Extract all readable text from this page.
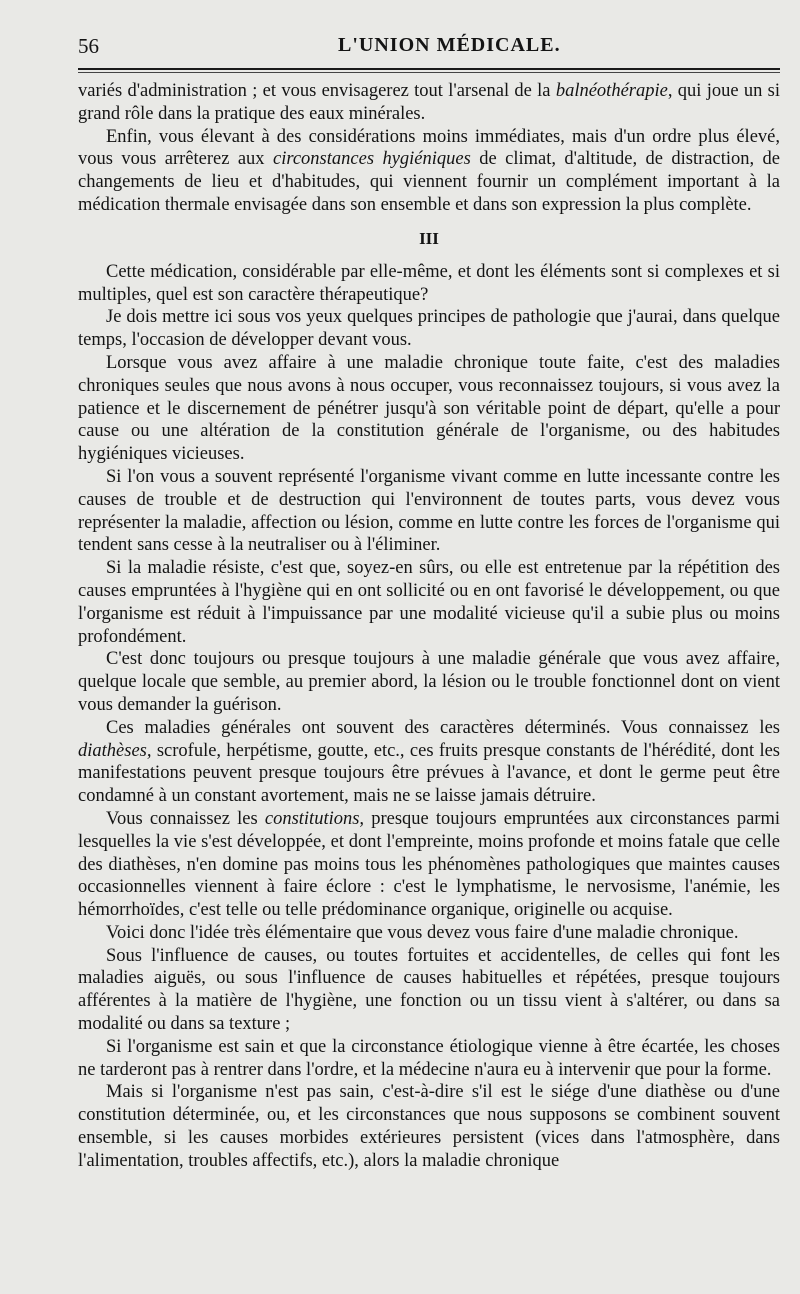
56	L'UNION MÉDICALE.

variés d'administration ; et vous envisagerez tout l'arsenal de la balnéothérapie, qui joue un si grand rôle dans la pratique des eaux minérales.

Enfin, vous élevant à des considérations moins immédiates, mais d'un ordre plus élevé, vous vous arrêterez aux circonstances hygiéniques de climat, d'altitude, de distraction, de changements de lieu et d'habitudes, qui viennent fournir un complément important à la médication thermale envisagée dans son ensemble et dans son expression la plus complète.

III

Cette médication, considérable par elle-même, et dont les éléments sont si complexes et si multiples, quel est son caractère thérapeutique?

Je dois mettre ici sous vos yeux quelques principes de pathologie que j'aurai, dans quelque temps, l'occasion de développer devant vous.

Lorsque vous avez affaire à une maladie chronique toute faite, c'est des maladies chroniques seules que nous avons à nous occuper, vous reconnaissez toujours, si vous avez la patience et le discernement de pénétrer jusqu'à son véritable point de départ, qu'elle a pour cause ou une altération de la constitution générale de l'organisme, ou des habitudes hygiéniques vicieuses.

Si l'on vous a souvent représenté l'organisme vivant comme en lutte incessante contre les causes de trouble et de destruction qui l'environnent de toutes parts, vous devez vous représenter la maladie, affection ou lésion, comme en lutte contre les forces de l'organisme qui tendent sans cesse à la neutraliser ou à l'éliminer.

Si la maladie résiste, c'est que, soyez-en sûrs, ou elle est entretenue par la répétition des causes empruntées à l'hygiène qui en ont sollicité ou en ont favorisé le développement, ou que l'organisme est réduit à l'impuissance par une modalité vicieuse qu'il a subie plus ou moins profondément.

C'est donc toujours ou presque toujours à une maladie générale que vous avez affaire, quelque locale que semble, au premier abord, la lésion ou le trouble fonctionnel dont on vient vous demander la guérison.

Ces maladies générales ont souvent des caractères déterminés. Vous connaissez les diathèses, scrofule, herpétisme, goutte, etc., ces fruits presque constants de l'hérédité, dont les manifestations peuvent presque toujours être prévues à l'avance, et dont le germe peut être condamné à un constant avortement, mais ne se laisse jamais détruire.

Vous connaissez les constitutions, presque toujours empruntées aux circonstances parmi lesquelles la vie s'est développée, et dont l'empreinte, moins profonde et moins fatale que celle des diathèses, n'en domine pas moins tous les phénomènes pathologiques que maintes causes occasionnelles viennent à faire éclore : c'est le lymphatisme, le nervosisme, l'anémie, les hémorrhoïdes, c'est telle ou telle prédominance organique, originelle ou acquise.

Voici donc l'idée très élémentaire que vous devez vous faire d'une maladie chronique.

Sous l'influence de causes, ou toutes fortuites et accidentelles, de celles qui font les maladies aiguës, ou sous l'influence de causes habituelles et répétées, presque toujours afférentes à la matière de l'hygiène, une fonction ou un tissu vient à s'altérer, ou dans sa modalité ou dans sa texture ;

Si l'organisme est sain et que la circonstance étiologique vienne à être écartée, les choses ne tarderont pas à rentrer dans l'ordre, et la médecine n'aura eu à intervenir que pour la forme.

Mais si l'organisme n'est pas sain, c'est-à-dire s'il est le siége d'une diathèse ou d'une constitution déterminée, ou, et les circonstances que nous supposons se combinent souvent ensemble, si les causes morbides extérieures persistent (vices dans l'atmosphère, dans l'alimentation, troubles affectifs, etc.), alors la maladie chronique
